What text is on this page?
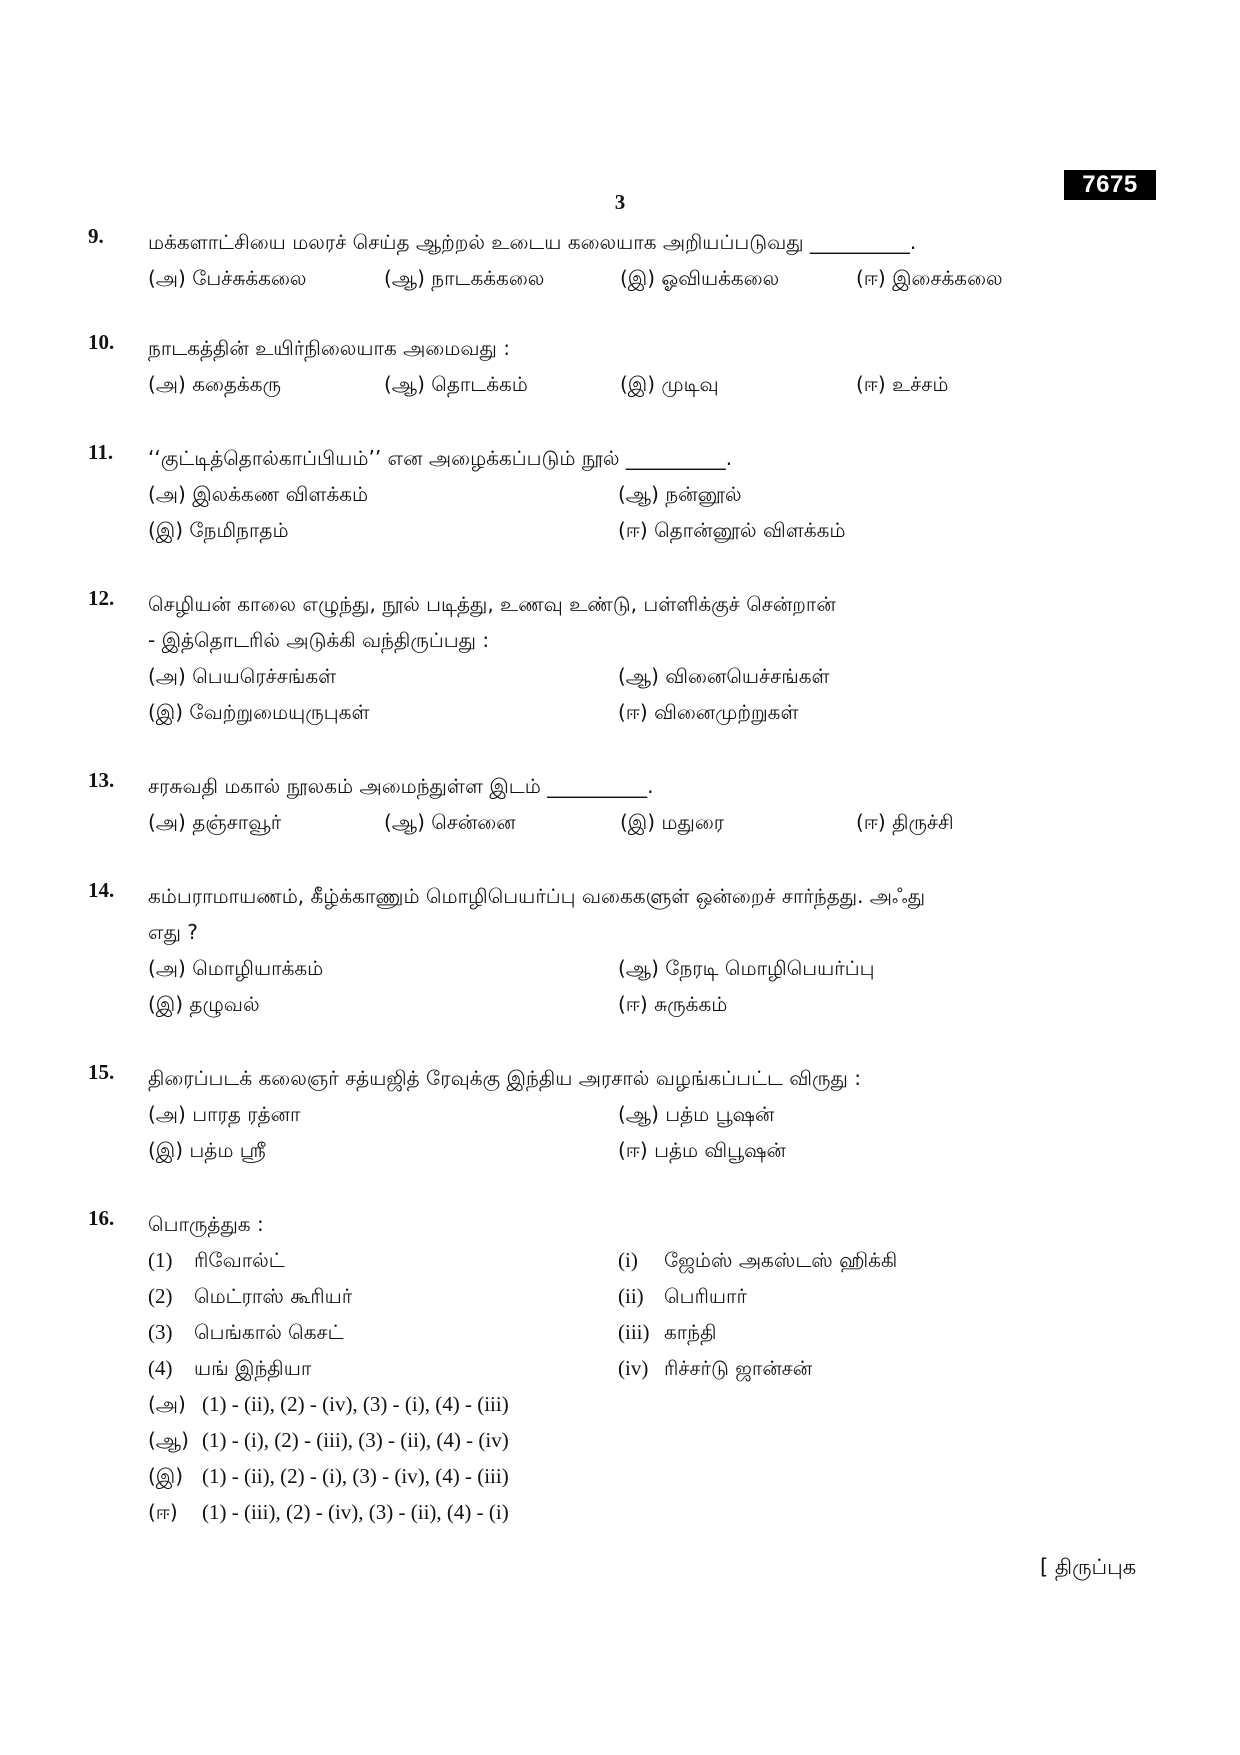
3
7675
9. மக்களாட்சியை மலரச் செய்த ஆற்றல் உடைய கலையாக அறியப்படுவது __________.
(அ) பேச்சுக்கலை	(ஆ) நாடகக்கலை	(இ) ஓவியக்கலை	(ஈ) இசைக்கலை
10. நாடகத்தின் உயிர்நிலையாக அமைவது :
(அ) கதைக்கரு	(ஆ) தொடக்கம்	(இ) முடிவு	(ஈ) உச்சம்
11. ‘‘குட்டித்தொல்காப்பியம்’’ என அழைக்கப்படும் நூல் __________.
(அ) இலக்கண விளக்கம்	(ஆ) நன்னூல்
(இ) நேமிநாதம்	(ஈ) தொன்னூல் விளக்கம்
12. செழியன் காலை எழுந்து, நூல் படித்து, உணவு உண்டு, பள்ளிக்குச் சென்றான்
- இத்தொடரில் அடுக்கி வந்திருப்பது :
(அ) பெயரெச்சங்கள்	(ஆ) வினையெச்சங்கள்
(இ) வேற்றுமையுருபுகள்	(ஈ) வினைமுற்றுகள்
13. சரசுவதி மகால் நூலகம் அமைந்துள்ள இடம் __________.
(அ) தஞ்சாவூர்	(ஆ) சென்னை	(இ) மதுரை	(ஈ) திருச்சி
14. கம்பராமாயணம், கீழ்க்காணும் மொழிபெயர்ப்பு வகைகளுள் ஒன்றைச் சார்ந்தது. அஃது
எது ?
(அ) மொழியாக்கம்	(ஆ) நேரடி மொழிபெயர்ப்பு
(இ) தழுவல்	(ஈ) சுருக்கம்
15. திரைப்படக் கலைஞர் சத்யஜித் ரேவுக்கு இந்திய அரசால் வழங்கப்பட்ட விருது :
(அ) பாரத ரத்னா	(ஆ) பத்ம பூஷன்
(இ) பத்ம ஸ்ரீ	(ஈ) பத்ம விபூஷன்
16. பொருத்துக :
(1) ரிவோல்ட்	(i) ஜேம்ஸ் அகஸ்டஸ் ஹிக்கி
(2) மெட்ராஸ் கூரியர்	(ii) பெரியார்
(3) பெங்கால் கெசட்	(iii) காந்தி
(4) யங் இந்தியா	(iv) ரிச்சர்டு ஜான்சன்
(அ) (1) - (ii), (2) - (iv), (3) - (i), (4) - (iii)
(ஆ) (1) - (i), (2) - (iii), (3) - (ii), (4) - (iv)
(இ) (1) - (ii), (2) - (i), (3) - (iv), (4) - (iii)
(ஈ) (1) - (iii), (2) - (iv), (3) - (ii), (4) - (i)
[ திருப்புக
